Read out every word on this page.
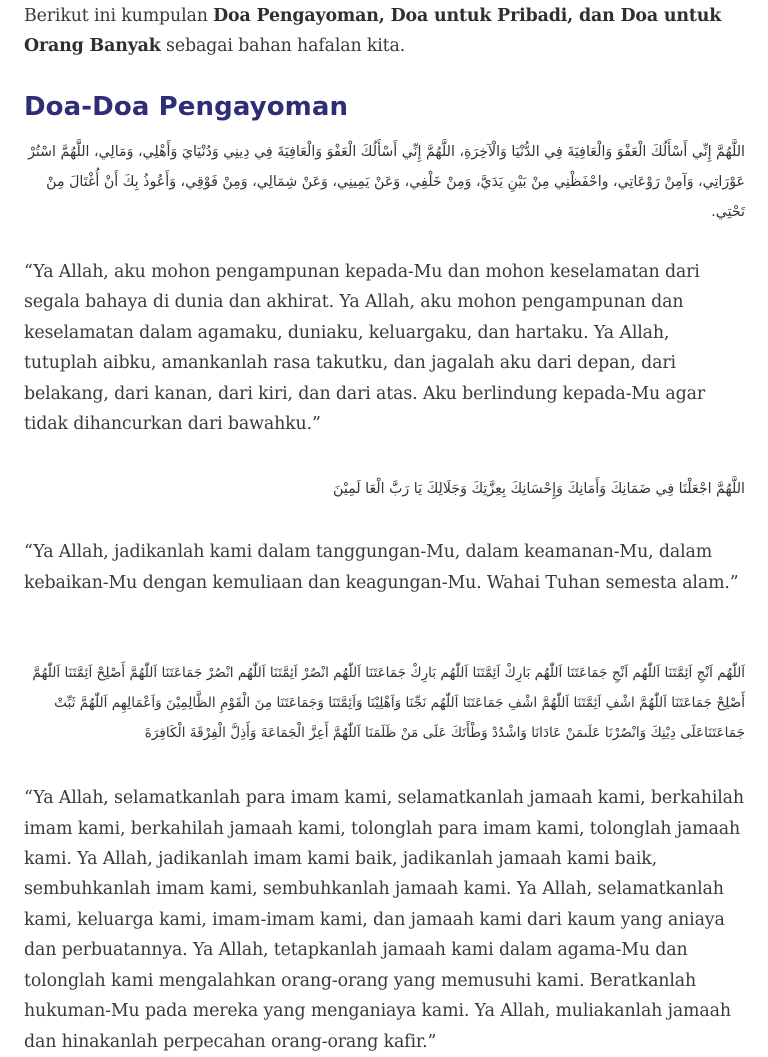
Berikut ini kumpulan Doa Pengayoman, Doa untuk Pribadi, dan Doa untuk Orang Banyak sebagai bahan hafalan kita.

Doa-Doa Pengayoman

اللَّهُمَّ إِنِّي أَسْأَلُكَ الْعَفْوَ وَالْعَافِيَةَ فِي الدُّنْيَا وَالْآخِرَةِ، اللَّهُمَّ إِنِّي أَسْأَلُكَ الْعَفْوَ وَالْعَافِيَةَ فِي دِينِي وَدُنْيَايَ وَأَهْلِي، وَمَالِي، اللَّهُمَّ اسْتُرْ عَوْرَاتِي، وَآمِنْ رَوْعَاتِي، واحْفَظْنِي مِنْ بَيْنِ يَدَيَّ، وَمِنْ خَلْفِي، وَعَنْ يَمِينِي، وَعَنْ شِمَالِي، وَمِنْ فَوْقِي، وَأَعُوذُ بِكَ أَنْ أُغْتَالَ مِنْ تَحْتِي.

“Ya Allah, aku mohon pengampunan kepada-Mu dan mohon keselamatan dari segala bahaya di dunia dan akhirat. Ya Allah, aku mohon pengampunan dan keselamatan dalam agamaku, duniaku, keluargaku, dan hartaku. Ya Allah, tutuplah aibku, amankanlah rasa takutku, dan jagalah aku dari depan, dari belakang, dari kanan, dari kiri, dan dari atas. Aku berlindung kepada-Mu agar tidak dihancurkan dari bawahku.”

اللَّهُمَّ اجْعَلْنَا فِي ضَمَانِكَ وَأَمَانِكَ وَإِحْسَانِكَ بِعِزَّتِكَ وَجَلَالِكَ يَا رَبَّ الْعَا لَمِيْنَ

“Ya Allah, jadikanlah kami dalam tanggungan-Mu, dalam keamanan-Mu, dalam kebaikan-Mu dengan kemuliaan dan keagungan-Mu. Wahai Tuhan semesta alam.”

اَللّٰهُم اَنْجِ اَئِمَّتَنَا اَللّٰهُم اَنْجِ جَمَاعَتَنَا اَللّٰهُم بَارِكْ اَئِمَّتَنَا اَللّٰهُم بَارِكْ جَمَاعَتَنَا اَللّٰهُم انْصُرْ اَئِمَّتَنَا اَللّٰهُم انْصُرْ جَمَاعَتَنَا اَللّٰهُمَّ أَصْلِحْ اَئِمَّتَنَا اَللّٰهُمَّ أَصْلِحْ جَمَاعَتَنَا اَللّٰهُمَّ اشْفِ اَئِمَّتَنَا اَللّٰهُمَّ اشْفِ جَمَاعَتَنَا اَللّٰهُم نَجِّنَا وَاَهْلِيْنَا وَاَئِمَّتَنَا وَجَمَاعَتَنَا مِنَ الْقَوْمِ الظَّالِمِيْنَ وَاَعْمَالِهِم اَللّٰهُمَّ ثَبِّتْ جَمَاعَتَنَاعَلَى دِيْنِكَ وَانْصُرْنَا عَلَىمَنْ عَادَانَا وَاشْدُدْ وَطْأَتَكَ عَلَى مَنْ ظَلَمَنَا اَللّٰهُمَّ أَعِزَّ الْجَمَاعَةَ وَأَذِلَّ الْفِرْقَةَ الْكَافِرَةَ

“Ya Allah, selamatkanlah para imam kami, selamatkanlah jamaah kami, berkahilah imam kami, berkahilah jamaah kami, tolonglah para imam kami, tolonglah jamaah kami. Ya Allah, jadikanlah imam kami baik, jadikanlah jamaah kami baik, sembuhkanlah imam kami, sembuhkanlah jamaah kami. Ya Allah, selamatkanlah kami, keluarga kami, imam-imam kami, dan jamaah kami dari kaum yang aniaya dan perbuatannya. Ya Allah, tetapkanlah jamaah kami dalam agama-Mu dan tolonglah kami mengalahkan orang-orang yang memusuhi kami. Beratkanlah hukuman-Mu pada mereka yang menganiaya kami. Ya Allah, muliakanlah jamaah dan hinakanlah perpecahan orang-orang kafir.”
